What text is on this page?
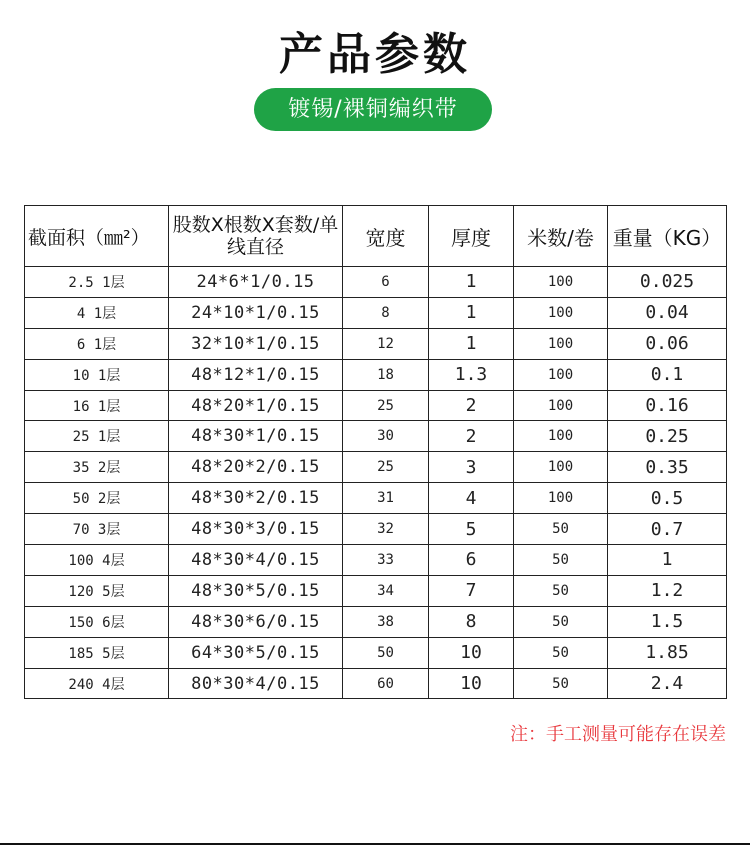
产品参数
镀锡/裸铜编织带
截面积（㎜²）	股数X根数X套数/单线直径	宽度	厚度	米数/卷	重量（KG）
2.5 1层	24*6*1/0.15	6	1	100	0.025
4 1层	24*10*1/0.15	8	1	100	0.04
6 1层	32*10*1/0.15	12	1	100	0.06
10 1层	48*12*1/0.15	18	1.3	100	0.1
16 1层	48*20*1/0.15	25	2	100	0.16
25 1层	48*30*1/0.15	30	2	100	0.25
35 2层	48*20*2/0.15	25	3	100	0.35
50 2层	48*30*2/0.15	31	4	100	0.5
70 3层	48*30*3/0.15	32	5	50	0.7
100 4层	48*30*4/0.15	33	6	50	1
120 5层	48*30*5/0.15	34	7	50	1.2
150 6层	48*30*6/0.15	38	8	50	1.5
185 5层	64*30*5/0.15	50	10	50	1.85
240 4层	80*30*4/0.15	60	10	50	2.4
注：手工测量可能存在误差
